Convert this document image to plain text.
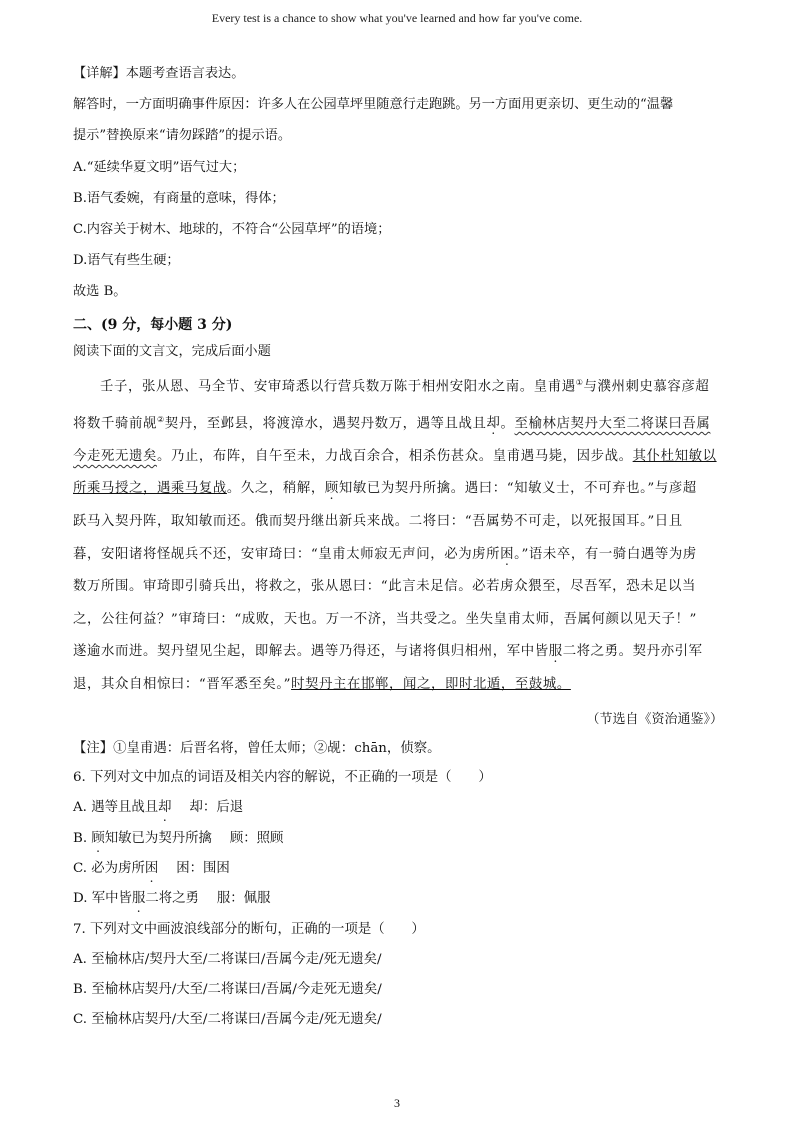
Every test is a chance to show what you've learned and how far you've come.
【详解】本题考查语言表达。
解答时，一方面明确事件原因：许多人在公园草坪里随意行走跑跳。另一方面用更亲切、更生动的“温馨
提示”替换原来“请勿踩踏”的提示语。
A.“延续华夏文明”语气过大；
B.语气委婉，有商量的意味，得体；
C.内容关于树木、地球的，不符合“公园草坪”的语境；
D.语气有些生硬；
故选 B。
二、(9 分，每小题 3 分)
阅读下面的文言文，完成后面小题
壬子，张从恩、马全节、安审琦悉以行营兵数万陈于相州安阳水之南。皇甫遇①与濮州刺史慕容彦超
将数千骑前觇②契丹，至邺县，将渡漳水，遇契丹数万，遇等且战且却。至榆林店契丹大至二将谋曰吾属
今走死无遗矣。乃止，布阵，自午至未，力战百余合，相杀伤甚众。皇甫遇马毙，因步战。其仆杜知敏以
所乘马授之，遇乘马复战。久之，稍解，顾知敏已为契丹所擒。遇曰：“知敏义士，不可弃也。”与彦超
跃马入契丹阵，取知敏而还。俄而契丹继出新兵来战。二将曰：“吾属势不可走，以死报国耳。”日且
暮，安阳诸将怪觇兵不还，安审琦曰：“皇甫太师寂无声问，必为虏所困。”语未卒，有一骑白遇等为虏
数万所围。审琦即引骑兵出，将救之，张从恩曰：“此言未足信。必若虏众猥至，尽吾军，恐未足以当
之，公往何益？”审琦曰：“成败，天也。万一不济，当共受之。坐失皇甫太师，吾属何颜以见天子！”
遂逾水而进。契丹望见尘起，即解去。遇等乃得还，与诸将俱归相州，军中皆服二将之勇。契丹亦引军
退，其众自相惊曰：“晋军悉至矣。”时契丹主在邯郸，闻之，即时北遁，至鼓城。
（节选自《资治通鉴》）
【注】①皇甫遇：后晋名将，曾任太师；②觇：chān，侦察。
6. 下列对文中加点的词语及相关内容的解说，不正确的一项是（　　）
A. 遇等且战且却 却：后退
B. 顾知敏已为契丹所擒 顾：照顾
C. 必为虏所困 困：围困
D. 军中皆服二将之勇 服：佩服
7. 下列对文中画波浪线部分的断句，正确的一项是（　　）
A. 至榆林店/契丹大至/二将谋曰/吾属今走/死无遗矣/
B. 至榆林店契丹/大至/二将谋曰/吾属/今走死无遗矣/
C. 至榆林店契丹/大至/二将谋曰/吾属今走/死无遗矣/
3
